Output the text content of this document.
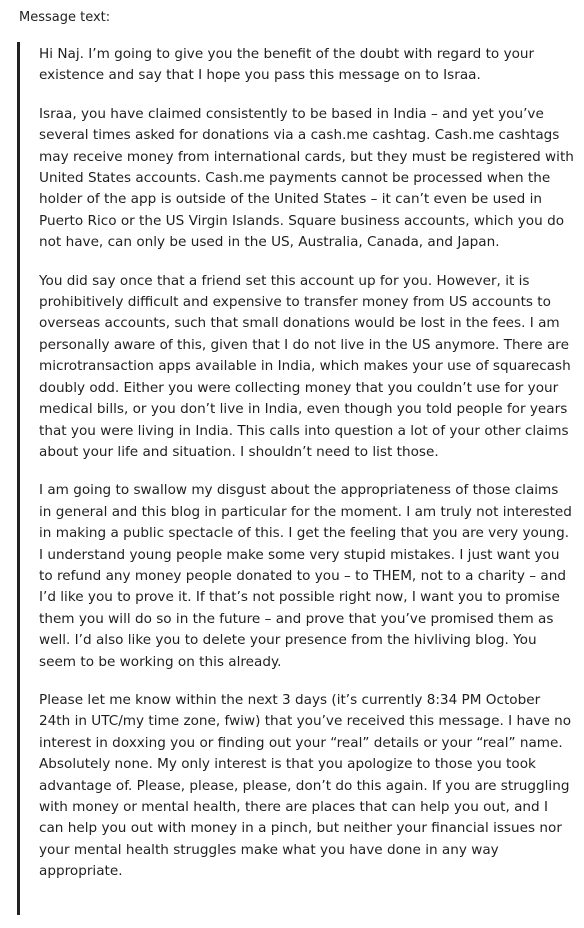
Message text:

Hi Naj. I’m going to give you the benefit of the doubt with regard to your existence and say that I hope you pass this message on to Israa.

Israa, you have claimed consistently to be based in India – and yet you’ve several times asked for donations via a cash.me cashtag. Cash.me cashtags may receive money from international cards, but they must be registered with United States accounts. Cash.me payments cannot be processed when the holder of the app is outside of the United States – it can’t even be used in Puerto Rico or the US Virgin Islands. Square business accounts, which you do not have, can only be used in the US, Australia, Canada, and Japan.

You did say once that a friend set this account up for you. However, it is prohibitively difficult and expensive to transfer money from US accounts to overseas accounts, such that small donations would be lost in the fees. I am personally aware of this, given that I do not live in the US anymore. There are microtransaction apps available in India, which makes your use of squarecash doubly odd. Either you were collecting money that you couldn’t use for your medical bills, or you don’t live in India, even though you told people for years that you were living in India. This calls into question a lot of your other claims about your life and situation. I shouldn’t need to list those.

I am going to swallow my disgust about the appropriateness of those claims in general and this blog in particular for the moment. I am truly not interested in making a public spectacle of this. I get the feeling that you are very young. I understand young people make some very stupid mistakes. I just want you to refund any money people donated to you – to THEM, not to a charity – and I’d like you to prove it. If that’s not possible right now, I want you to promise them you will do so in the future – and prove that you’ve promised them as well. I’d also like you to delete your presence from the hivliving blog. You seem to be working on this already.

Please let me know within the next 3 days (it’s currently 8:34 PM October 24th in UTC/my time zone, fwiw) that you’ve received this message. I have no interest in doxxing you or finding out your “real” details or your “real” name. Absolutely none. My only interest is that you apologize to those you took advantage of. Please, please, please, don’t do this again. If you are struggling with money or mental health, there are places that can help you out, and I can help you out with money in a pinch, but neither your financial issues nor your mental health struggles make what you have done in any way appropriate.
